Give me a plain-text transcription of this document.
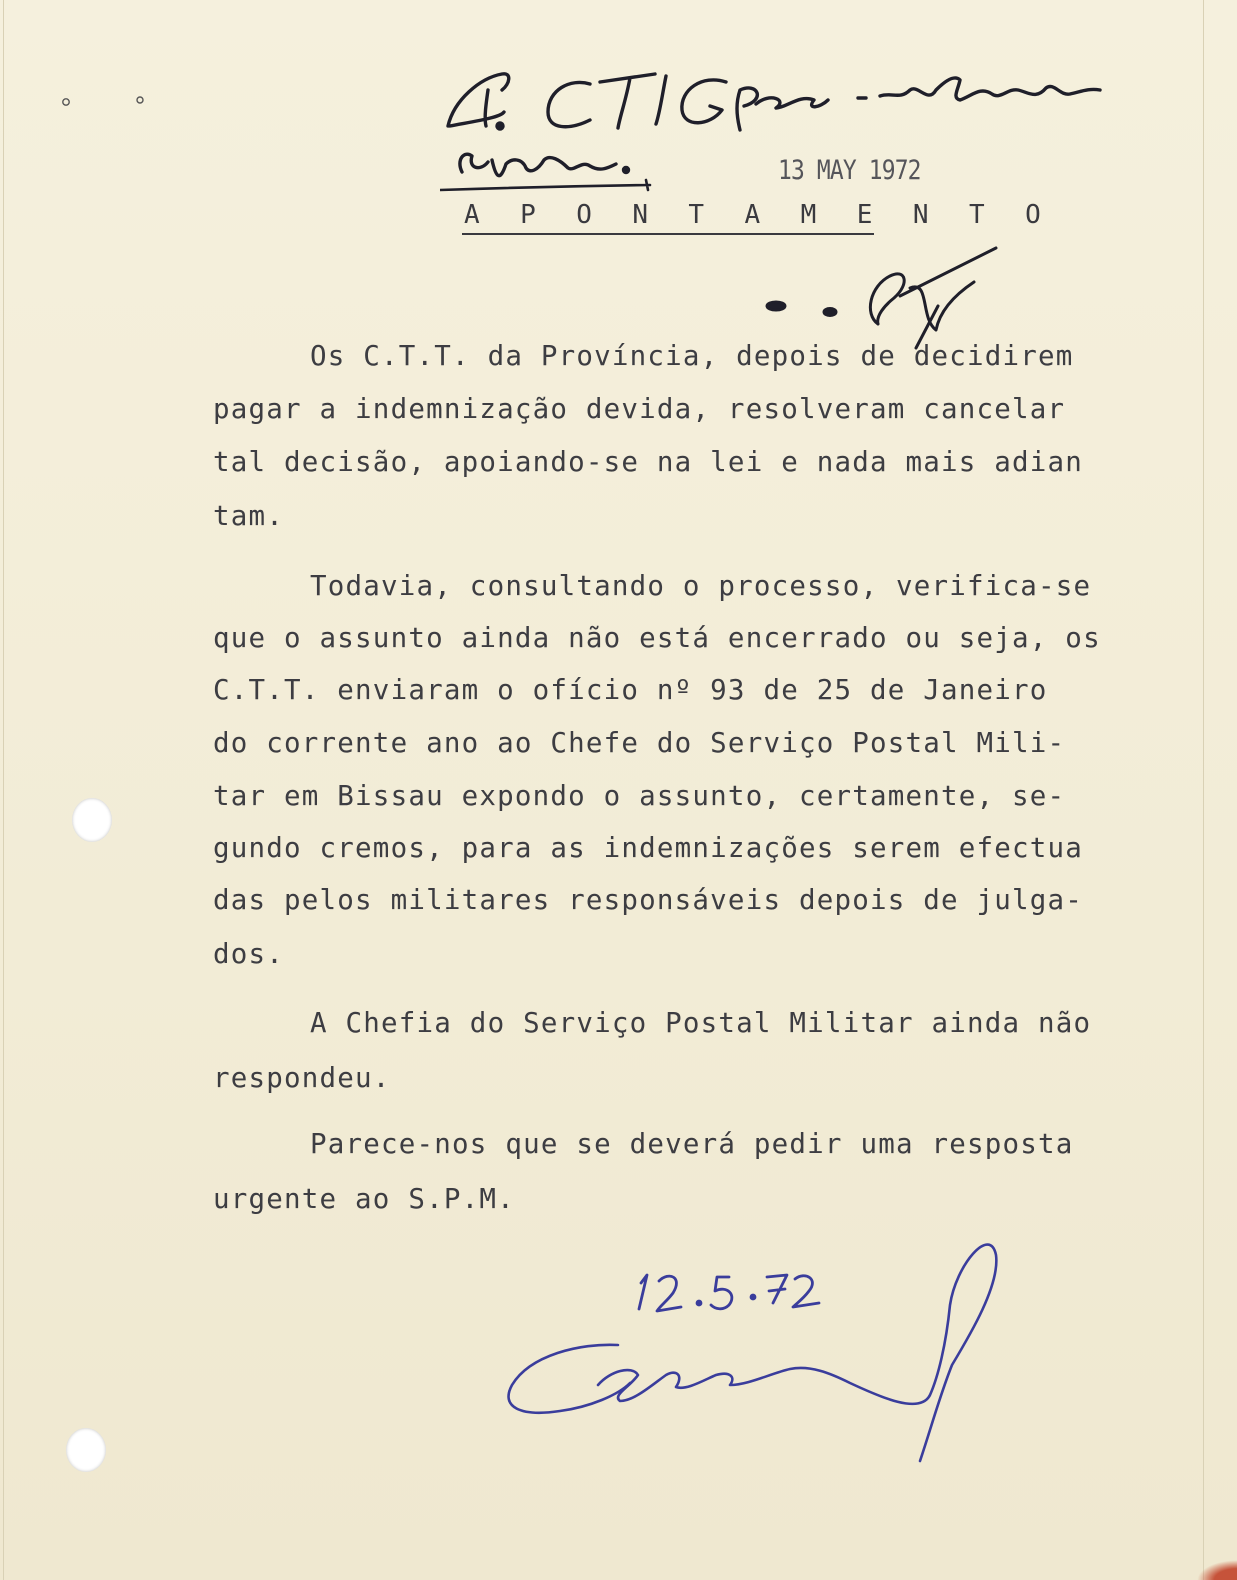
13 MAY 1972
A P O N T A M E N T O
Os C.T.T. da Província, depois de decidirem
pagar a indemnização devida, resolveram cancelar
tal decisão, apoiando-se na lei e nada mais adian
tam.
Todavia, consultando o processo, verifica-se
que o assunto ainda não está encerrado ou seja, os
C.T.T. enviaram o ofício nº 93 de 25 de Janeiro
do corrente ano ao Chefe do Serviço Postal Mili-
tar em Bissau expondo o assunto, certamente, se-
gundo cremos, para as indemnizações serem efectua
das pelos militares responsáveis depois de julga-
dos.
A Chefia do Serviço Postal Militar ainda não
respondeu.
Parece-nos que se deverá pedir uma resposta
urgente ao S.P.M.
